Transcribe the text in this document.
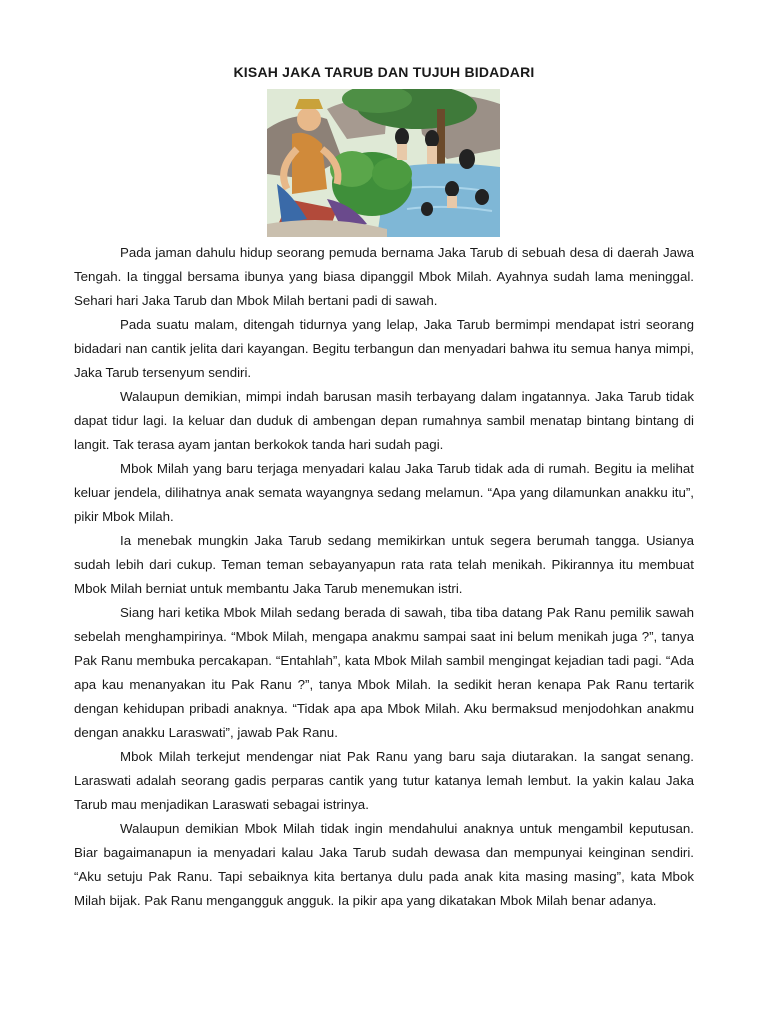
KISAH JAKA TARUB DAN TUJUH BIDADARI

Pada jaman dahulu hidup seorang pemuda bernama Jaka Tarub di sebuah desa di daerah Jawa Tengah. Ia tinggal bersama ibunya yang biasa dipanggil Mbok Milah. Ayahnya sudah lama meninggal. Sehari hari Jaka Tarub dan Mbok Milah bertani padi di sawah.

Pada suatu malam, ditengah tidurnya yang lelap, Jaka Tarub bermimpi mendapat istri seorang bidadari nan cantik jelita dari kayangan. Begitu terbangun dan menyadari bahwa itu semua hanya mimpi, Jaka Tarub tersenyum sendiri.

Walaupun demikian, mimpi indah barusan masih terbayang dalam ingatannya. Jaka Tarub tidak dapat tidur lagi. Ia keluar dan duduk di ambengan depan rumahnya sambil menatap bintang bintang di langit. Tak terasa ayam jantan berkokok tanda hari sudah pagi.

Mbok Milah yang baru terjaga menyadari kalau Jaka Tarub tidak ada di rumah. Begitu ia melihat keluar jendela, dilihatnya anak semata wayangnya sedang melamun. “Apa yang dilamunkan anakku itu”, pikir Mbok Milah.

Ia menebak mungkin Jaka Tarub sedang memikirkan untuk segera berumah tangga. Usianya sudah lebih dari cukup. Teman teman sebayanyapun rata rata telah menikah. Pikirannya itu membuat Mbok Milah berniat untuk membantu Jaka Tarub menemukan istri.

Siang hari ketika Mbok Milah sedang berada di sawah, tiba tiba datang Pak Ranu pemilik sawah sebelah menghampirinya. “Mbok Milah, mengapa anakmu sampai saat ini belum menikah juga ?”, tanya Pak Ranu membuka percakapan. “Entahlah”, kata Mbok Milah sambil mengingat kejadian tadi pagi. “Ada apa kau menanyakan itu Pak Ranu ?”, tanya Mbok Milah. Ia sedikit heran kenapa Pak Ranu tertarik dengan kehidupan pribadi anaknya. “Tidak apa apa Mbok Milah. Aku bermaksud menjodohkan anakmu dengan anakku Laraswati”, jawab Pak Ranu.

Mbok Milah terkejut mendengar niat Pak Ranu yang baru saja diutarakan. Ia sangat senang. Laraswati adalah seorang gadis perparas cantik yang tutur katanya lemah lembut. Ia yakin kalau Jaka Tarub mau menjadikan Laraswati sebagai istrinya.

Walaupun demikian Mbok Milah tidak ingin mendahului anaknya untuk mengambil keputusan. Biar bagaimanapun ia menyadari kalau Jaka Tarub sudah dewasa dan mempunyai keinginan sendiri. “Aku setuju Pak Ranu. Tapi sebaiknya kita bertanya dulu pada anak kita masing masing”, kata Mbok Milah bijak. Pak Ranu mengangguk angguk. Ia pikir apa yang dikatakan Mbok Milah benar adanya.
